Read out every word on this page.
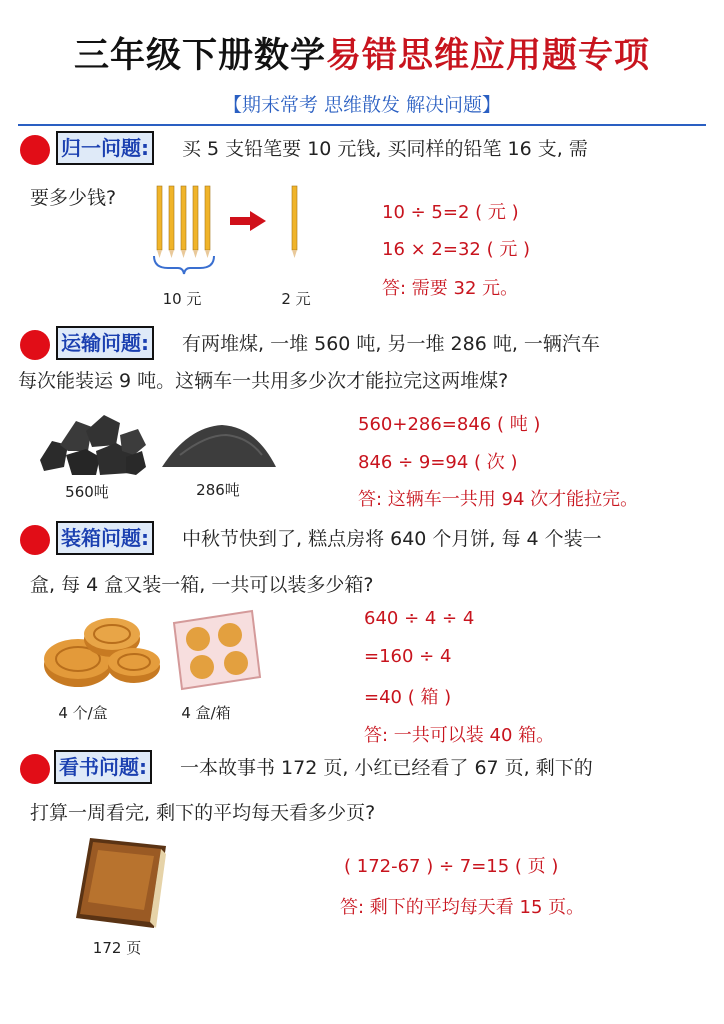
三年级下册数学易错思维应用题专项
【期末常考 思维散发 解决问题】
归一问题: 买 5 支铅笔要 10 元钱, 买同样的铅笔 16 支, 需
要多少钱?
10 元	2 元
10 ÷ 5=2 ( 元 )
16 × 2=32 ( 元 )
答: 需要 32 元。
运输问题: 有两堆煤, 一堆 560 吨, 另一堆 286 吨, 一辆汽车
每次能装运 9 吨。这辆车一共用多少次才能拉完这两堆煤?
560吨	286吨
560+286=846 ( 吨 )
846 ÷ 9=94 ( 次 )
答: 这辆车一共用 94 次才能拉完。
装箱问题: 中秋节快到了, 糕点房将 640 个月饼, 每 4 个装一
盒, 每 4 盒又装一箱, 一共可以装多少箱?
4 个/盒	4 盒/箱
640 ÷ 4 ÷ 4
=160 ÷ 4
=40 ( 箱 )
答: 一共可以装 40 箱。
看书问题: 一本故事书 172 页, 小红已经看了 67 页, 剩下的
打算一周看完, 剩下的平均每天看多少页?
172 页
( 172-67 ) ÷ 7=15 ( 页 )
答: 剩下的平均每天看 15 页。
